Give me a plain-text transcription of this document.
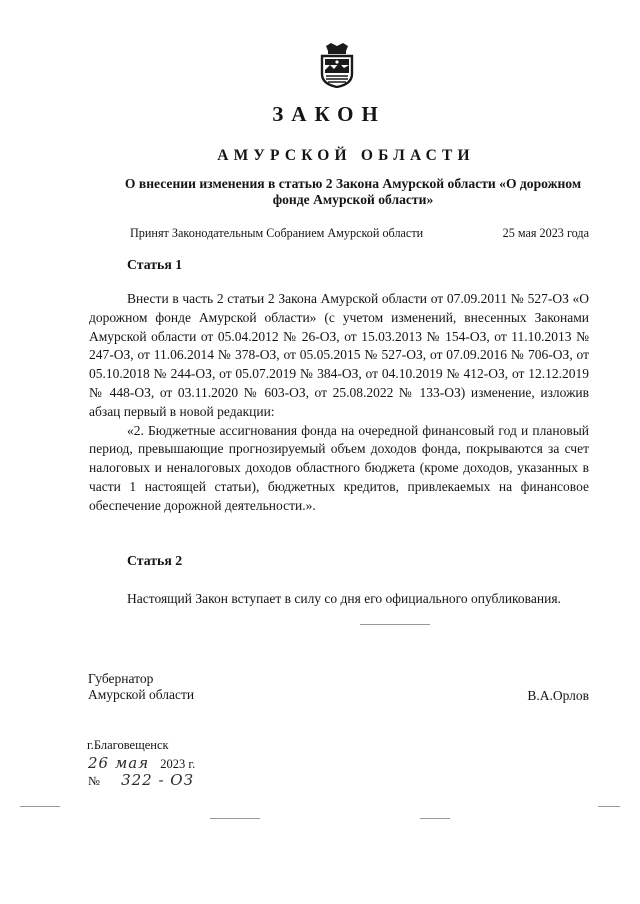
ЗАКОН
АМУРСКОЙ ОБЛАСТИ
О внесении изменения в статью 2 Закона Амурской области «О дорожном фонде Амурской области»
Принят Законодательным Собранием Амурской области	25 мая 2023 года
Статья 1

Внести в часть 2 статьи 2 Закона Амурской области от 07.09.2011 № 527-ОЗ «О дорожном фонде Амурской области» (с учетом изменений, внесенных Законами Амурской области от 05.04.2012 № 26-ОЗ, от 15.03.2013 № 154-ОЗ, от 11.10.2013 № 247-ОЗ, от 11.06.2014 № 378-ОЗ, от 05.05.2015 № 527-ОЗ, от 07.09.2016 № 706-ОЗ, от 05.10.2018 № 244-ОЗ, от 05.07.2019 № 384-ОЗ, от 04.10.2019 № 412-ОЗ, от 12.12.2019 № 448-ОЗ, от 03.11.2020 № 603-ОЗ, от 25.08.2022 № 133-ОЗ) изменение, изложив абзац первый в новой редакции:

«2. Бюджетные ассигнования фонда на очередной финансовый год и плановый период, превышающие прогнозируемый объем доходов фонда, покрываются за счет налоговых и неналоговых доходов областного бюджета (кроме доходов, указанных в части 1 настоящей статьи), бюджетных кредитов, привлекаемых на финансовое обеспечение дорожной деятельности.».

Статья 2

Настоящий Закон вступает в силу со дня его официального опубликования.

Губернатор
Амурской области	В.А.Орлов
г.Благовещенск
26 мая 2023 г.
№ 322 - ОЗ
